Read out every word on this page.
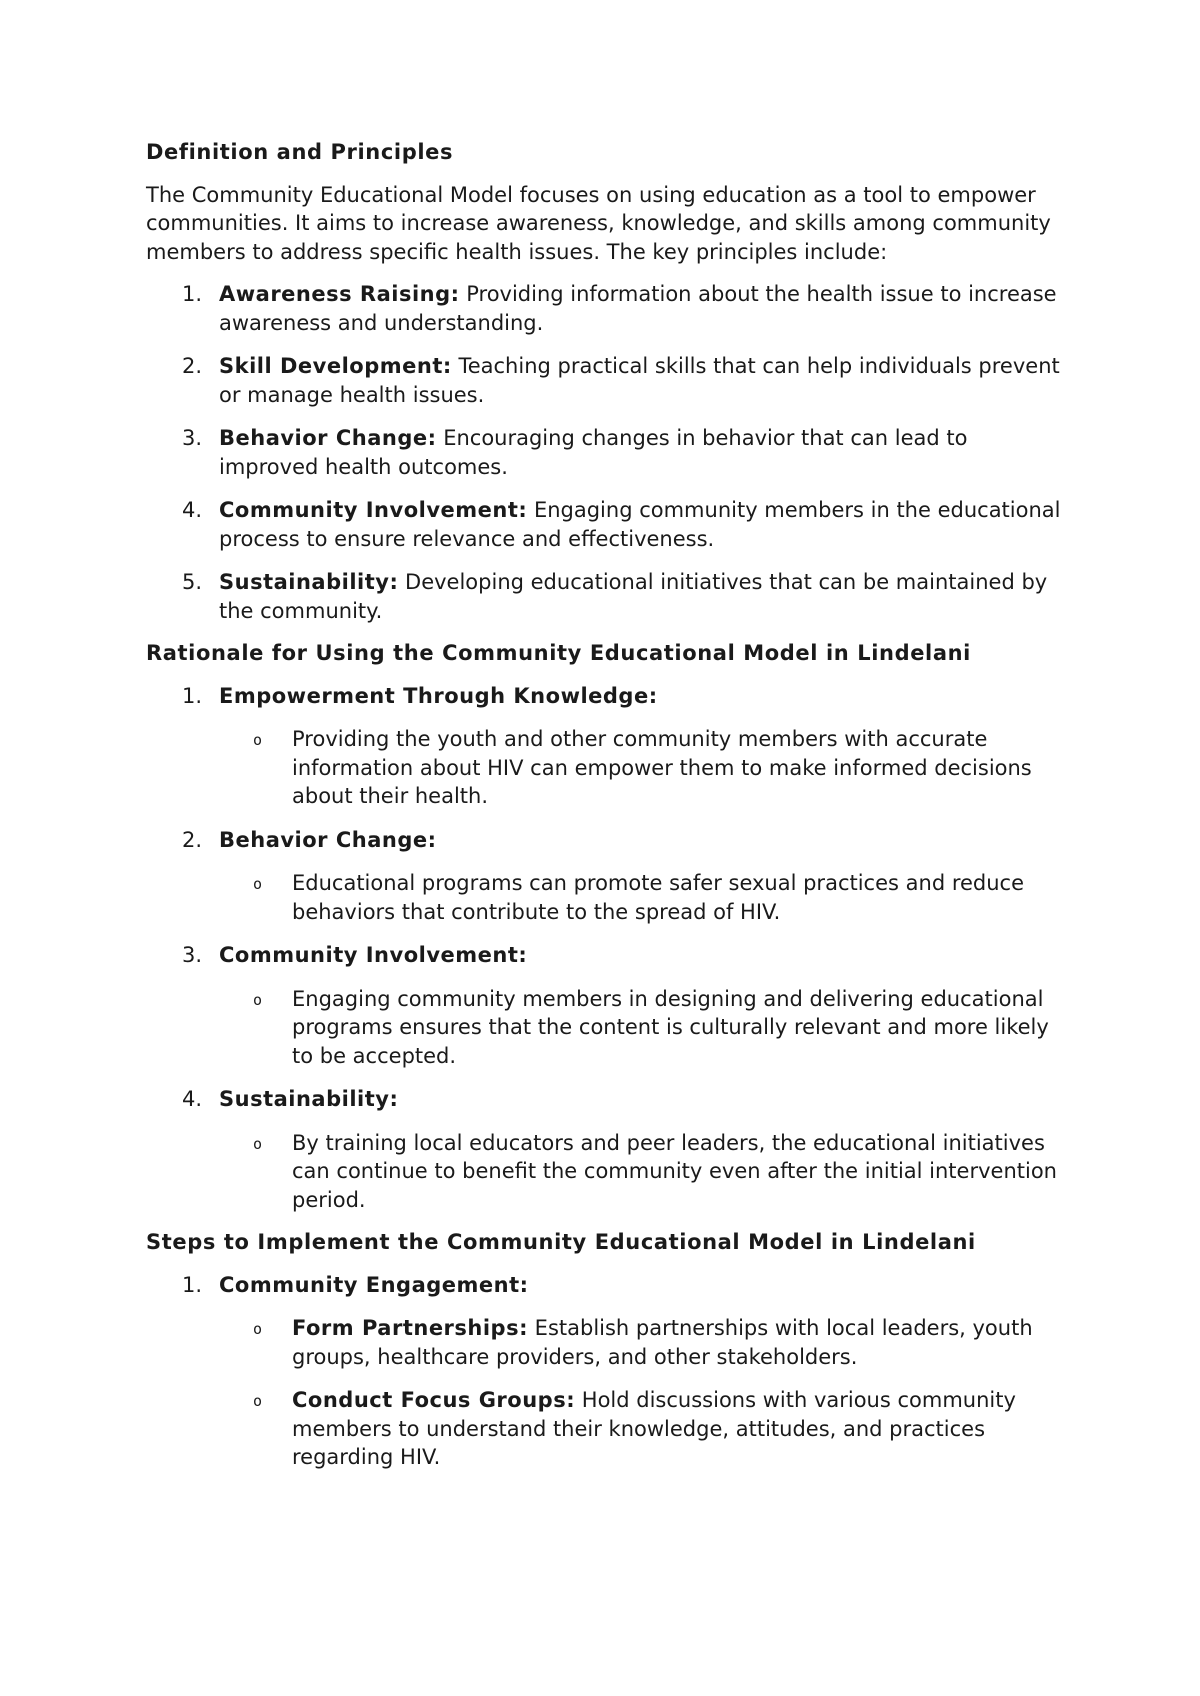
Definition and Principles

The Community Educational Model focuses on using education as a tool to empower communities. It aims to increase awareness, knowledge, and skills among community members to address specific health issues. The key principles include:

1. Awareness Raising: Providing information about the health issue to increase awareness and understanding.
2. Skill Development: Teaching practical skills that can help individuals prevent or manage health issues.
3. Behavior Change: Encouraging changes in behavior that can lead to improved health outcomes.
4. Community Involvement: Engaging community members in the educational process to ensure relevance and effectiveness.
5. Sustainability: Developing educational initiatives that can be maintained by the community.
Rationale for Using the Community Educational Model in Lindelani
1. Empowerment Through Knowledge:
o Providing the youth and other community members with accurate information about HIV can empower them to make informed decisions about their health.
2. Behavior Change:
o Educational programs can promote safer sexual practices and reduce behaviors that contribute to the spread of HIV.
3. Community Involvement:
o Engaging community members in designing and delivering educational programs ensures that the content is culturally relevant and more likely to be accepted.
4. Sustainability:
o By training local educators and peer leaders, the educational initiatives can continue to benefit the community even after the initial intervention period.
Steps to Implement the Community Educational Model in Lindelani
1. Community Engagement:
o Form Partnerships: Establish partnerships with local leaders, youth groups, healthcare providers, and other stakeholders.
o Conduct Focus Groups: Hold discussions with various community members to understand their knowledge, attitudes, and practices regarding HIV.
